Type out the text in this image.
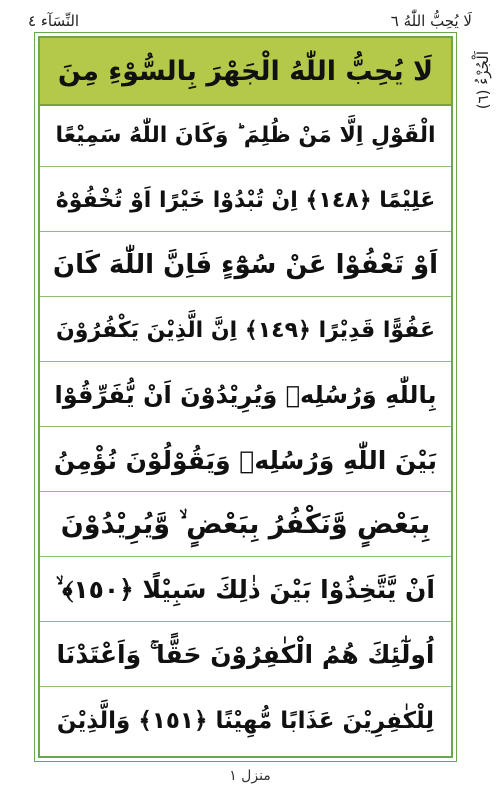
النِّسَآء ٤	لَا يُحِبُّ اللّٰهُ ٦
اَلْجُزْءُ (٦)
لَا يُحِبُّ اللّٰهُ الْجَهْرَ بِالسُّوْءِ مِنَ
الْقَوْلِ اِلَّا مَنْ ظُلِمَ ؕ وَكَانَ اللّٰهُ سَمِيْعًا
عَلِيْمًا ﴿١٤٨﴾ اِنْ تُبْدُوْا خَيْرًا اَوْ تُخْفُوْهُ
اَوْ تَعْفُوْا عَنْ سُوْٓءٍ فَاِنَّ اللّٰهَ كَانَ
عَفُوًّا قَدِيْرًا ﴿١٤٩﴾ اِنَّ الَّذِيْنَ يَكْفُرُوْنَ
بِاللّٰهِ وَرُسُلِهٖ وَيُرِيْدُوْنَ اَنْ يُّفَرِّقُوْا
بَيْنَ اللّٰهِ وَرُسُلِهٖ وَيَقُوْلُوْنَ نُؤْمِنُ
بِبَعْضٍ وَّنَكْفُرُ بِبَعْضٍ ۙ وَّيُرِيْدُوْنَ
اَنْ يَّتَّخِذُوْا بَيْنَ ذٰلِكَ سَبِيْلًا ﴿١٥٠﴾ ۙ
اُولٰٓئِكَ هُمُ الْكٰفِرُوْنَ حَقًّا ۚ وَاَعْتَدْنَا
لِلْكٰفِرِيْنَ عَذَابًا مُّهِيْنًا ﴿١٥١﴾ وَالَّذِيْنَ
منزل ١
